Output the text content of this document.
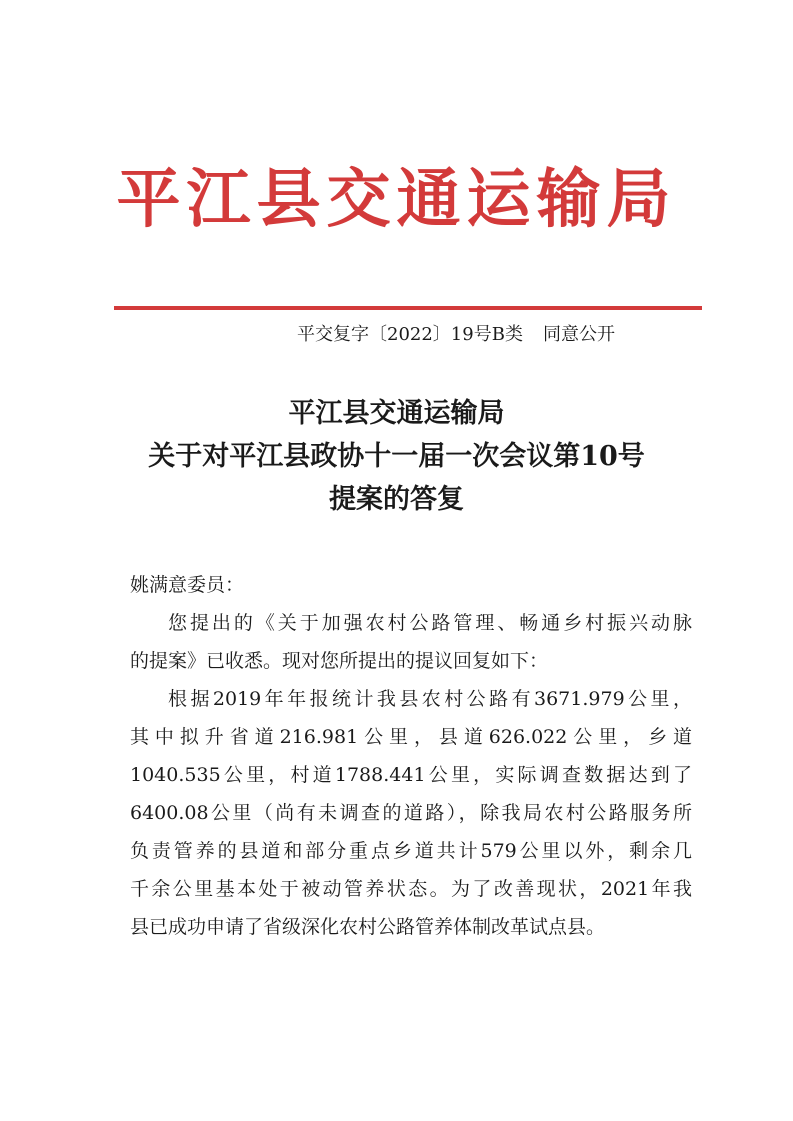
平江县交通运输局
平交复字〔2022〕19号B类 同意公开
平江县交通运输局
关于对平江县政协十一届一次会议第10号
提案的答复

姚满意委员：

您提出的《关于加强农村公路管理、畅通乡村振兴动脉

的提案》已收悉。现对您所提出的提议回复如下：

根据2019年年报统计我县农村公路有3671.979公里，

其中拟升省道216.981公里，县道626.022公里，乡道

1040.535公里，村道1788.441公里，实际调查数据达到了

6400.08公里（尚有未调查的道路），除我局农村公路服务所

负责管养的县道和部分重点乡道共计579公里以外，剩余几

千余公里基本处于被动管养状态。为了改善现状，2021年我

县已成功申请了省级深化农村公路管养体制改革试点县。
